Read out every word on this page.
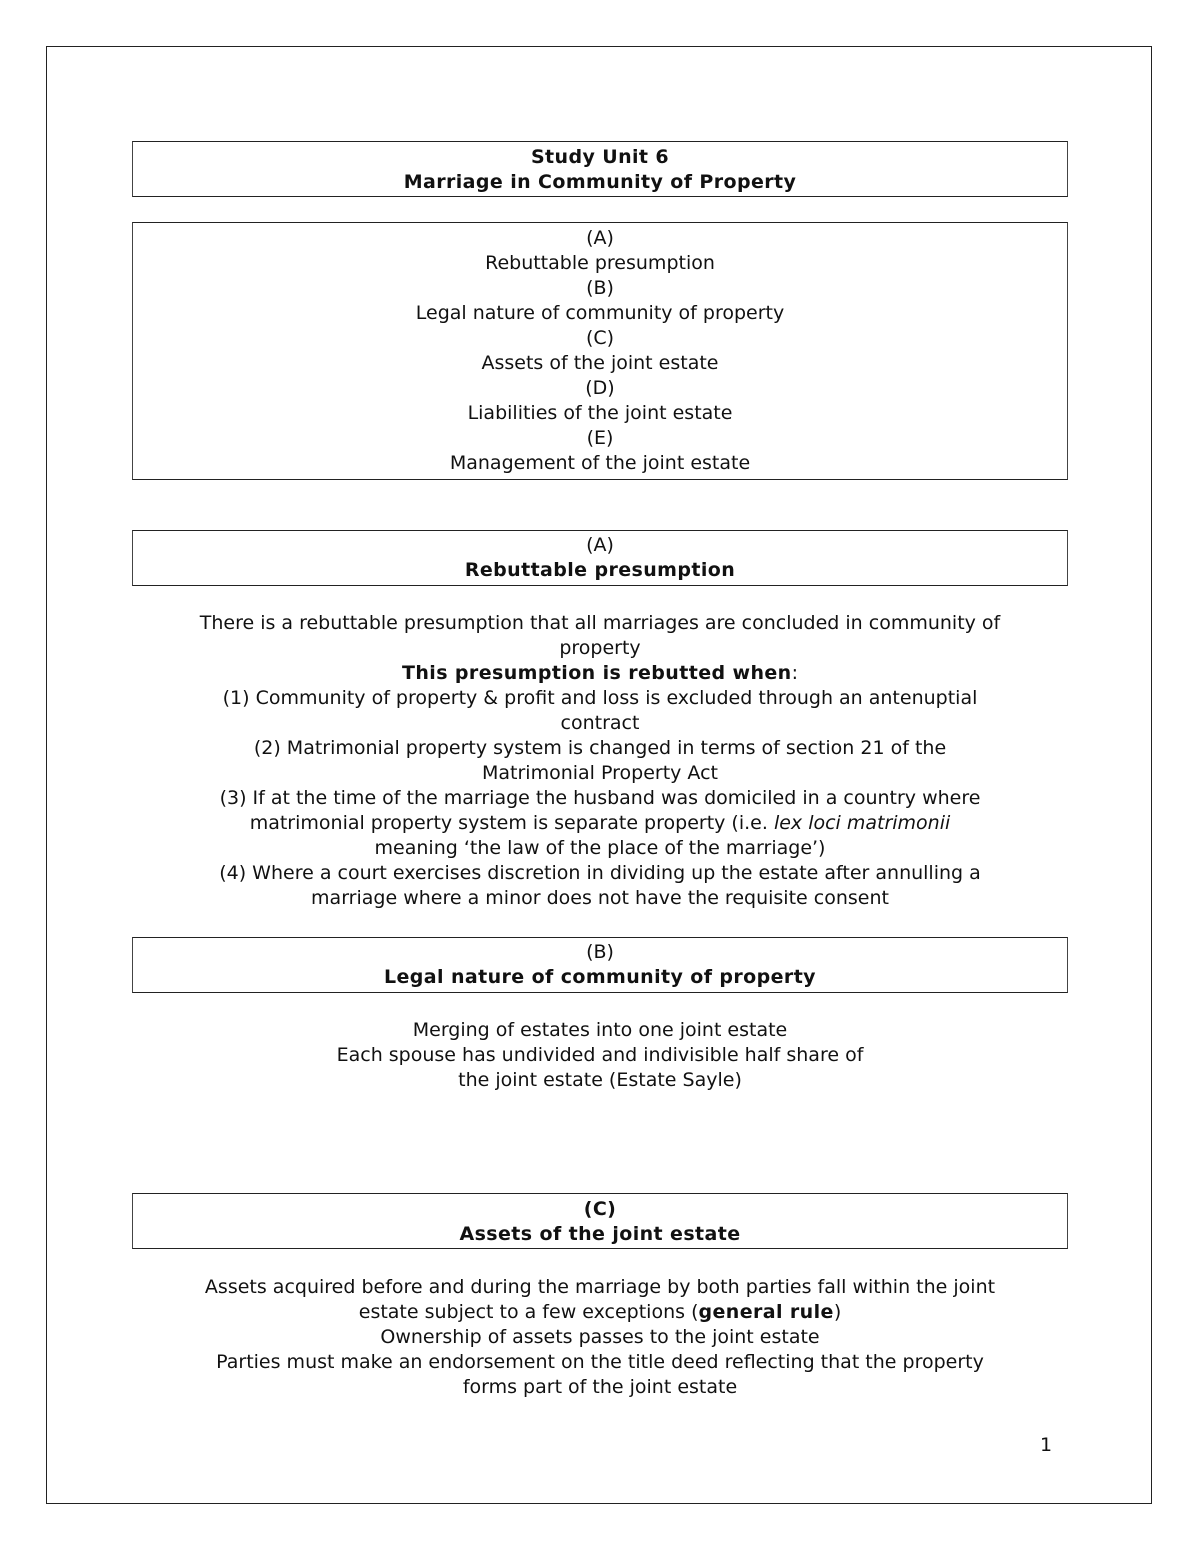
Study Unit 6
Marriage in Community of Property
(A)
Rebuttable presumption
(B)
Legal nature of community of property
(C)
Assets of the joint estate
(D)
Liabilities of the joint estate
(E)
Management of the joint estate
(A)
Rebuttable presumption
There is a rebuttable presumption that all marriages are concluded in community of
property
This presumption is rebutted when:
(1) Community of property & profit and loss is excluded through an antenuptial
contract
(2) Matrimonial property system is changed in terms of section 21 of the
Matrimonial Property Act
(3) If at the time of the marriage the husband was domiciled in a country where
matrimonial property system is separate property (i.e. lex loci matrimonii
meaning ‘the law of the place of the marriage’)
(4) Where a court exercises discretion in dividing up the estate after annulling a
marriage where a minor does not have the requisite consent
(B)
Legal nature of community of property
Merging of estates into one joint estate
Each spouse has undivided and indivisible half share of
the joint estate (Estate Sayle)
(C)
Assets of the joint estate
Assets acquired before and during the marriage by both parties fall within the joint
estate subject to a few exceptions (general rule)
Ownership of assets passes to the joint estate
Parties must make an endorsement on the title deed reflecting that the property
forms part of the joint estate
1
